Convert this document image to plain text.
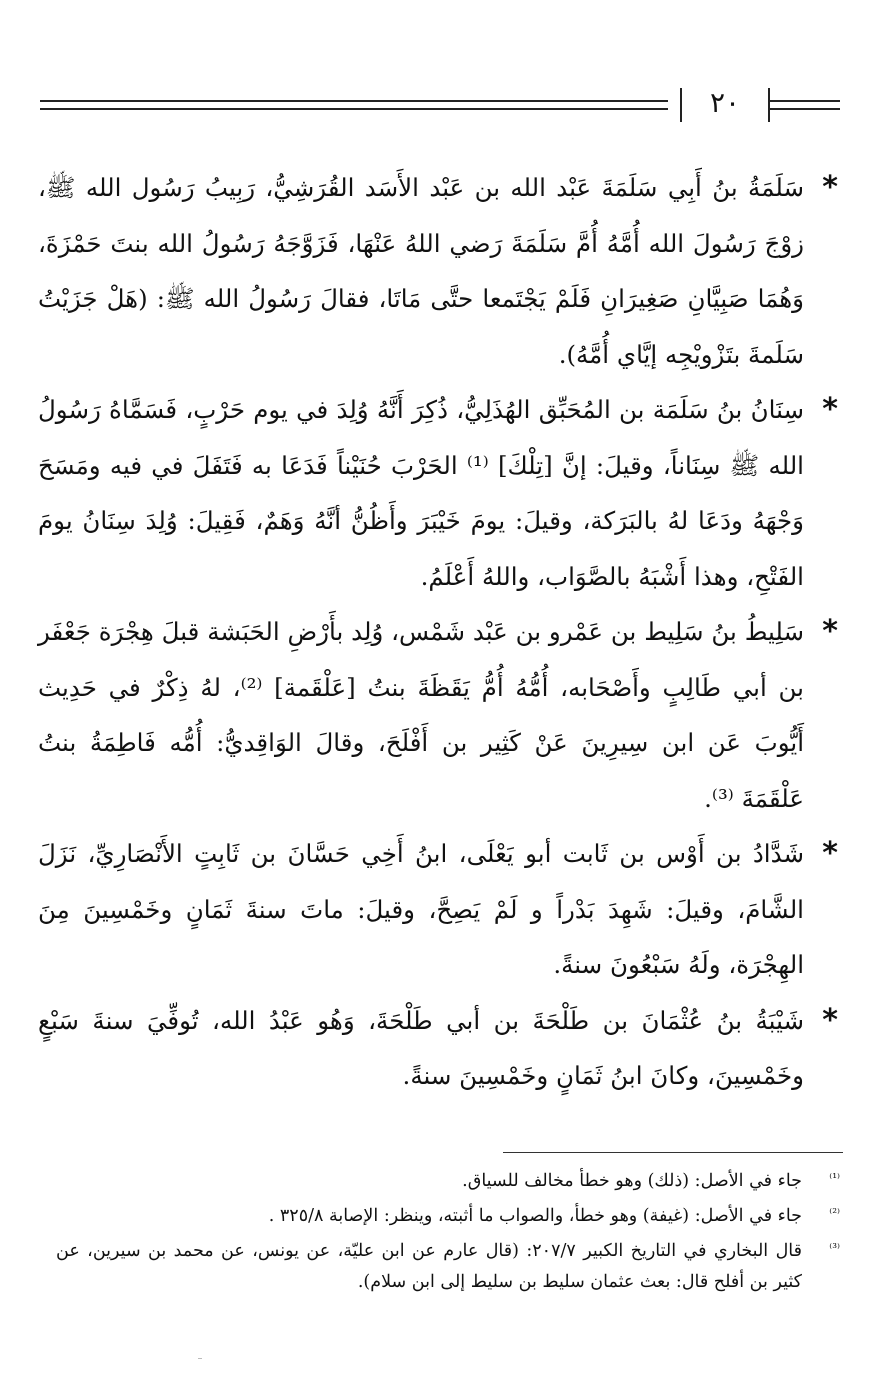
٢٠

*
سَلَمَةُ بنُ أَبِي سَلَمَةَ عَبْد الله بن عَبْد الأَسَد القُرَشِيُّ، رَبِيبُ رَسُول الله ﷺ، زوْجَ رَسُولَ الله أُمَّهُ أُمَّ سَلَمَةَ رَضي اللهُ عَنْهَا، فَزَوَّجَهُ رَسُولُ الله بنتَ حَمْزَةَ، وَهُمَا صَبِيَّانِ صَغِيرَانِ فَلَمْ يَجْتَمعا حتَّى مَاتَا، فقالَ رَسُولُ الله ﷺ: (هَلْ جَزَيْتُ سَلَمةَ بتَزْويْجِه إيَّاي أُمَّهُ).

*
سِنَانُ بنُ سَلَمَة بن المُحَبِّق الهُذَلِيُّ، ذُكِرَ أَنَّهُ وُلِدَ في يوم حَرْبٍ، فَسَمَّاهُ رَسُولُ الله ﷺ سِنَاناً، وقيلَ: إنَّ [تِلْكَ] ⁽¹⁾ الحَرْبَ حُنَيْناً فَدَعَا به فَتَفَلَ في فيه ومَسَحَ وَجْهَهُ ودَعَا لهُ بالبَرَكة، وقيلَ: يومَ خَيْبَرَ وأَظُنُّ أنَّهُ وَهَمٌ، فَقِيلَ: وُلِدَ سِنَانُ يومَ الفَتْحِ، وهذا أَشْبَهُ بالصَّوَاب، واللهُ أَعْلَمُ.

*
سَلِيطُ بنُ سَلِيط بن عَمْرو بن عَبْد شَمْس، وُلِد بأَرْضِ الحَبَشة قبلَ هِجْرَة جَعْفَر بن أبي طَالِبٍ وأَصْحَابه، أُمُّهُ أُمُّ يَقَظَةَ بنتُ [عَلْقَمة] ⁽²⁾، لهُ ذِكْرٌ في حَدِيث أَيُّوبَ عَن ابن سِيرِينَ عَنْ كَثِير بن أَفْلَحَ، وقالَ الوَاقِديُّ: أُمُّه فَاطِمَةُ بنتُ عَلْقَمَةَ ⁽³⁾.

*
شَدَّادُ بن أَوْس بن ثَابت أبو يَعْلَى، ابنُ أَخِي حَسَّانَ بن ثَابِتٍ الأَنْصَارِيِّ، نَزَلَ الشَّامَ، وقيلَ: شَهِدَ بَدْراً و لَمْ يَصِحَّ، وقيلَ: ماتَ سنةَ ثَمَانٍ وخَمْسِينَ مِنَ الهِجْرَة، ولَهُ سَبْعُونَ سنةً.

*
شَيْبَةُ بنُ عُثْمَانَ بن طَلْحَةَ بن أبي طَلْحَةَ، وَهُو عَبْدُ الله، تُوفِّيَ سنةَ سَبْعٍ وخَمْسِينَ، وكانَ ابنُ ثَمَانٍ وخَمْسِينَ سنةً.

⁽¹⁾
جاء في الأصل: (ذلك) وهو خطأ مخالف للسياق.

⁽²⁾
جاء في الأصل: (غيفة) وهو خطأ، والصواب ما أثبته، وينظر: الإصابة ٣٢٥/٨ .

⁽³⁾
قال البخاري في التاريخ الكبير ٢٠٧/٧: (قال عارم عن ابن عليّة، عن يونس، عن محمد بن سيرين، عن كثير بن أفلح قال: بعث عثمان سليط بن سليط إلى ابن سلام).
